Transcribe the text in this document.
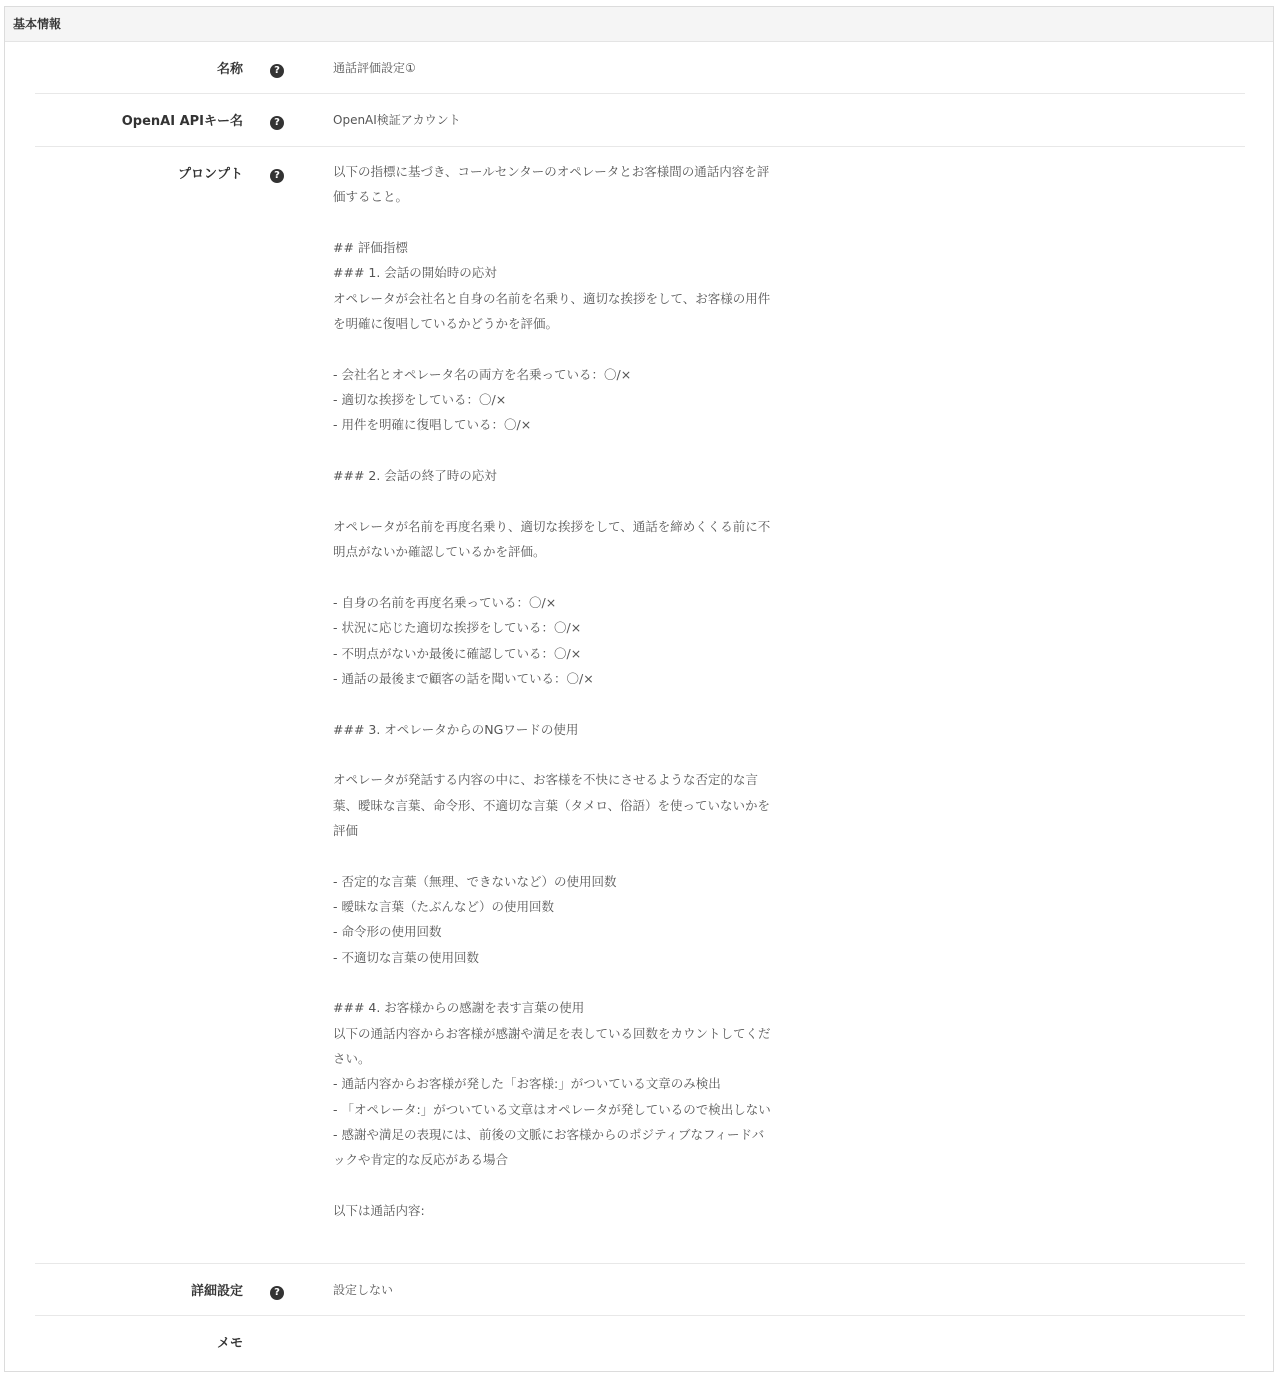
基本情報
名称	?	通話評価設定①
OpenAI APIキー名	?	OpenAI検証アカウント
プロンプト	?	以下の指標に基づき、コールセンターのオペレータとお客様間の通話内容を評価すること。

## 評価指標
### 1. 会話の開始時の応対
オペレータが会社名と自身の名前を名乗り、適切な挨拶をして、お客様の用件を明確に復唱しているかどうかを評価。

- 会社名とオペレータ名の両方を名乗っている：〇/×
- 適切な挨拶をしている：〇/×
- 用件を明確に復唱している：〇/×

### 2. 会話の終了時の応対

オペレータが名前を再度名乗り、適切な挨拶をして、通話を締めくくる前に不明点がないか確認しているかを評価。

- 自身の名前を再度名乗っている：〇/×
- 状況に応じた適切な挨拶をしている：〇/×
- 不明点がないか最後に確認している：〇/×
- 通話の最後まで顧客の話を聞いている：〇/×

### 3. オペレータからのNGワードの使用

オペレータが発話する内容の中に、お客様を不快にさせるような否定的な言葉、曖昧な言葉、命令形、不適切な言葉（タメロ、俗語）を使っていないかを評価

- 否定的な言葉（無理、できないなど）の使用回数
- 曖昧な言葉（たぶんなど）の使用回数
- 命令形の使用回数
- 不適切な言葉の使用回数

### 4. お客様からの感謝を表す言葉の使用
以下の通話内容からお客様が感謝や満足を表している回数をカウントしてください。
- 通話内容からお客様が発した「お客様:」がついている文章のみ検出
- 「オペレータ:」がついている文章はオペレータが発しているので検出しない
- 感謝や満足の表現には、前後の文脈にお客様からのポジティブなフィードバックや肯定的な反応がある場合

以下は通話内容:
詳細設定	?	設定しない
メモ
